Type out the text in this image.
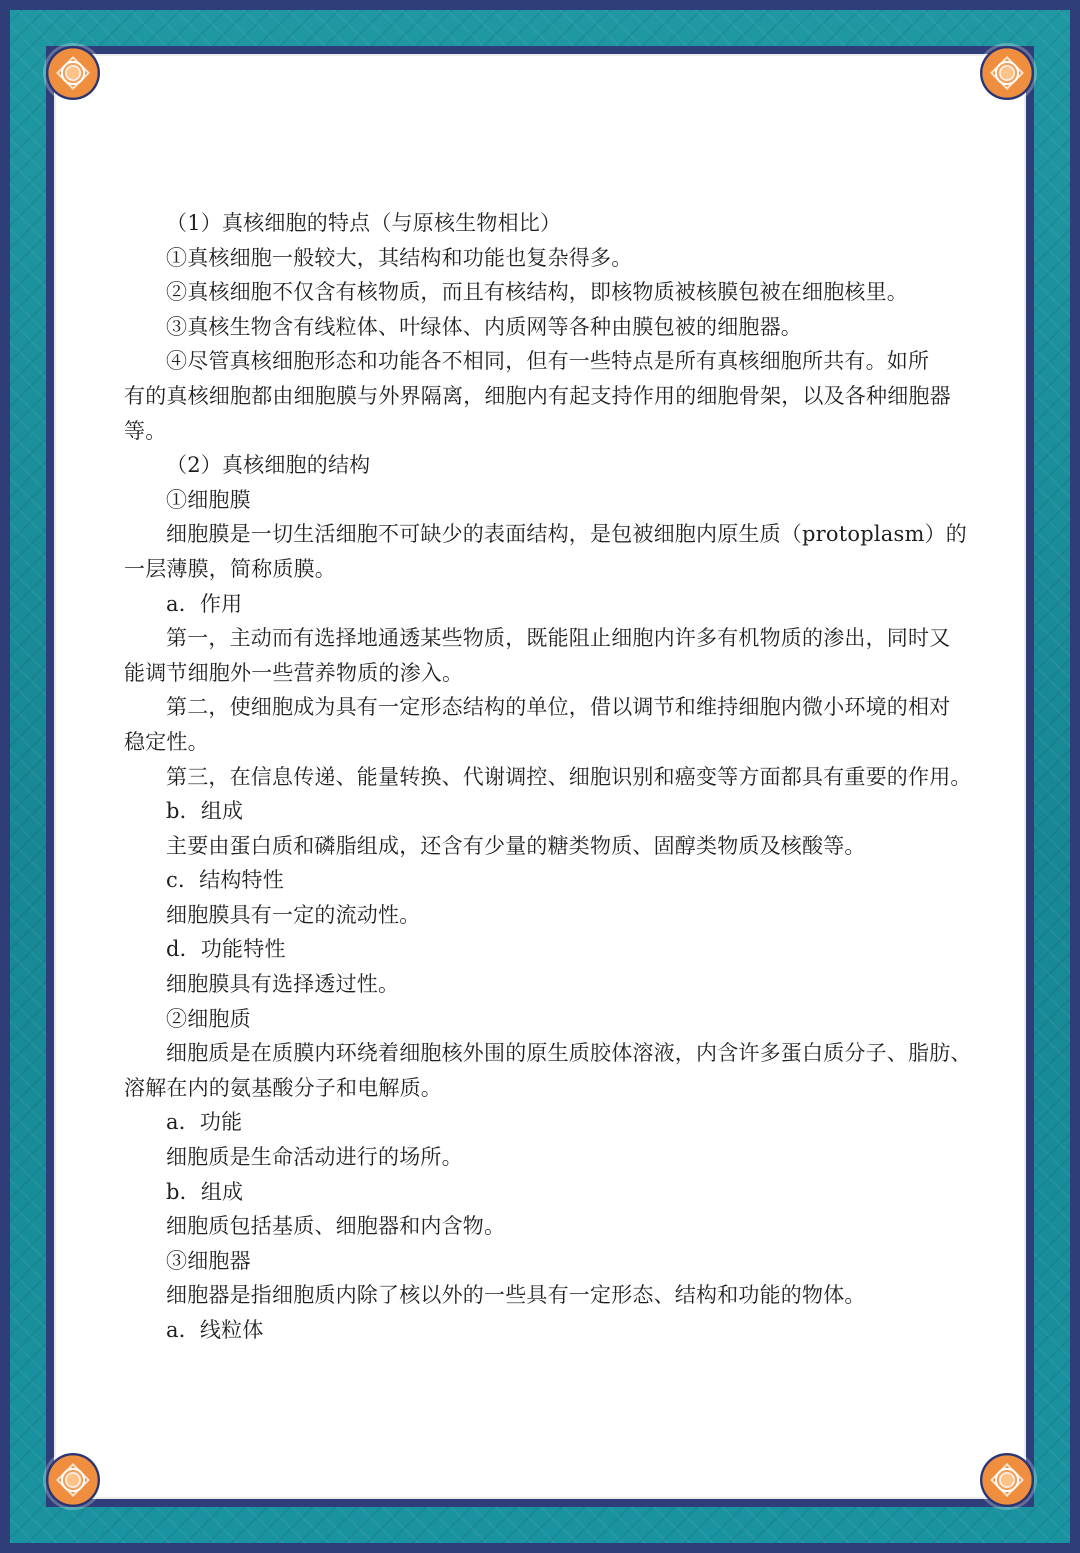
（1）真核细胞的特点（与原核生物相比）

①真核细胞一般较大，其结构和功能也复杂得多。

②真核细胞不仅含有核物质，而且有核结构，即核物质被核膜包被在细胞核里。

③真核生物含有线粒体、叶绿体、内质网等各种由膜包被的细胞器。

④尽管真核细胞形态和功能各不相同，但有一些特点是所有真核细胞所共有。如所

有的真核细胞都由细胞膜与外界隔离，细胞内有起支持作用的细胞骨架，以及各种细胞器

等。

（2）真核细胞的结构

①细胞膜

细胞膜是一切生活细胞不可缺少的表面结构，是包被细胞内原生质（protoplasm）的

一层薄膜，简称质膜。

a．作用

第一，主动而有选择地通透某些物质，既能阻止细胞内许多有机物质的渗出，同时又

能调节细胞外一些营养物质的渗入。

第二，使细胞成为具有一定形态结构的单位，借以调节和维持细胞内微小环境的相对

稳定性。

第三，在信息传递、能量转换、代谢调控、细胞识别和癌变等方面都具有重要的作用。

b．组成

主要由蛋白质和磷脂组成，还含有少量的糖类物质、固醇类物质及核酸等。

c．结构特性

细胞膜具有一定的流动性。

d．功能特性

细胞膜具有选择透过性。

②细胞质

细胞质是在质膜内环绕着细胞核外围的原生质胶体溶液，内含许多蛋白质分子、脂肪、

溶解在内的氨基酸分子和电解质。

a．功能

细胞质是生命活动进行的场所。

b．组成

细胞质包括基质、细胞器和内含物。

③细胞器

细胞器是指细胞质内除了核以外的一些具有一定形态、结构和功能的物体。

a．线粒体
